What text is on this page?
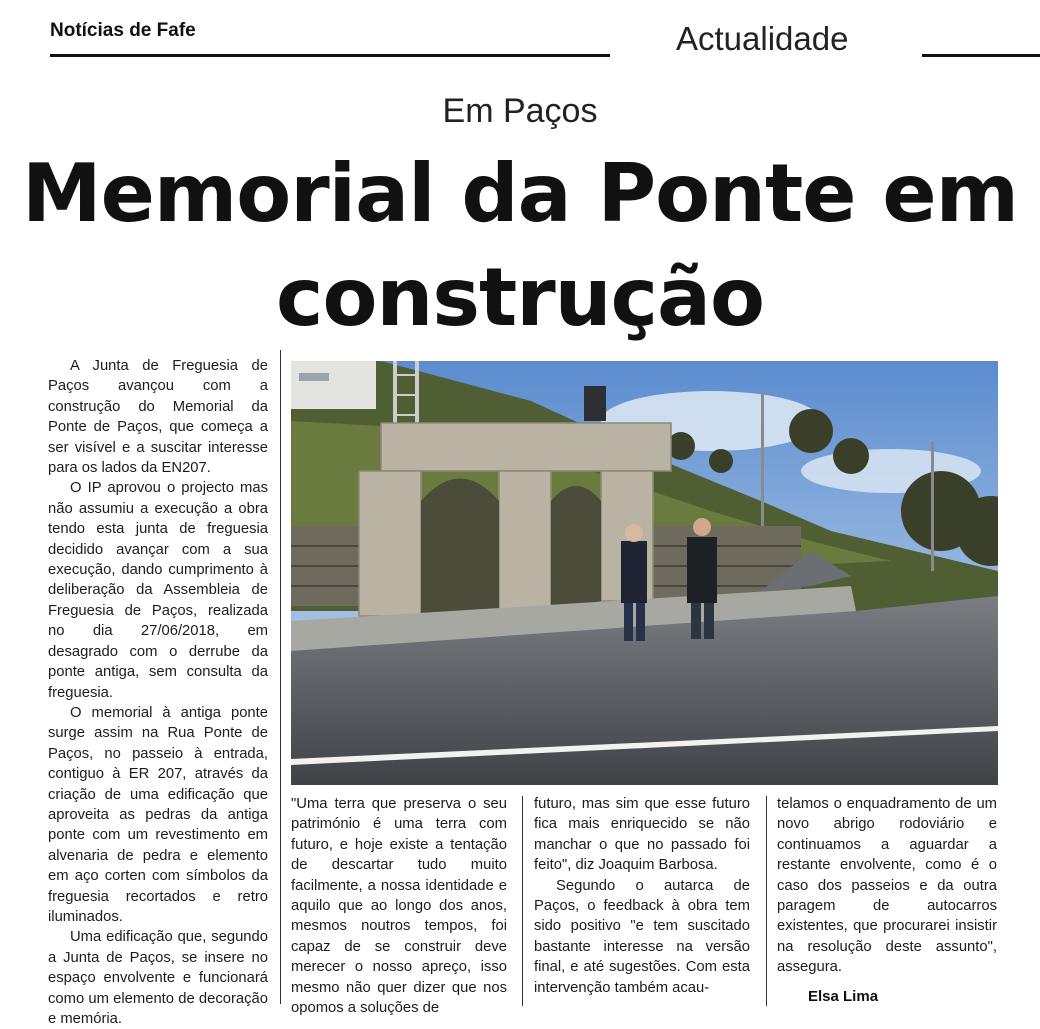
Notícias de Fafe	Actualidade
Em Paços
Memorial da Ponte em construção

A Junta de Freguesia de Paços avançou com a construção do Memorial da Ponte de Paços, que começa a ser visível e a suscitar interesse para os lados da EN207.

O IP aprovou o projecto mas não assumiu a execução a obra tendo esta junta de freguesia decidido avançar com a sua execução, dando cumprimento à deliberação da Assembleia de Freguesia de Paços, realizada no dia 27/06/2018, em desagrado com o derrube da ponte antiga, sem consulta da freguesia.

O memorial à antiga ponte surge assim na Rua Ponte de Paços, no passeio à entrada, contiguo à ER 207, através da criação de uma edificação que aproveita as pedras da antiga ponte com um revestimento em alvenaria de pedra e elemento em aço corten com símbolos da freguesia recortados e retro iluminados.

Uma edificação que, segundo a Junta de Paços, se insere no espaço envolvente e funcionará como um elemento de decoração e memória.

"Uma terra que preserva o seu património é uma terra com futuro, e hoje existe a tentação de descartar tudo muito facilmente, a nossa identidade e aquilo que ao longo dos anos, mesmos noutros tempos, foi capaz de se construir deve merecer o nosso apreço, isso mesmo não quer dizer que nos opomos a soluções de

futuro, mas sim que esse futuro fica mais enriquecido se não manchar o que no passado foi feito", diz Joaquim Barbosa.

Segundo o autarca de Paços, o feedback à obra tem sido positivo "e tem suscitado bastante interesse na versão final, e até sugestões. Com esta intervenção também acau-

telamos o enquadramento de um novo abrigo rodoviário e continuamos a aguardar a restante envolvente, como é o caso dos passeios e da outra paragem de autocarros existentes, que procurarei insistir na resolução deste assunto", assegura.

Elsa Lima
